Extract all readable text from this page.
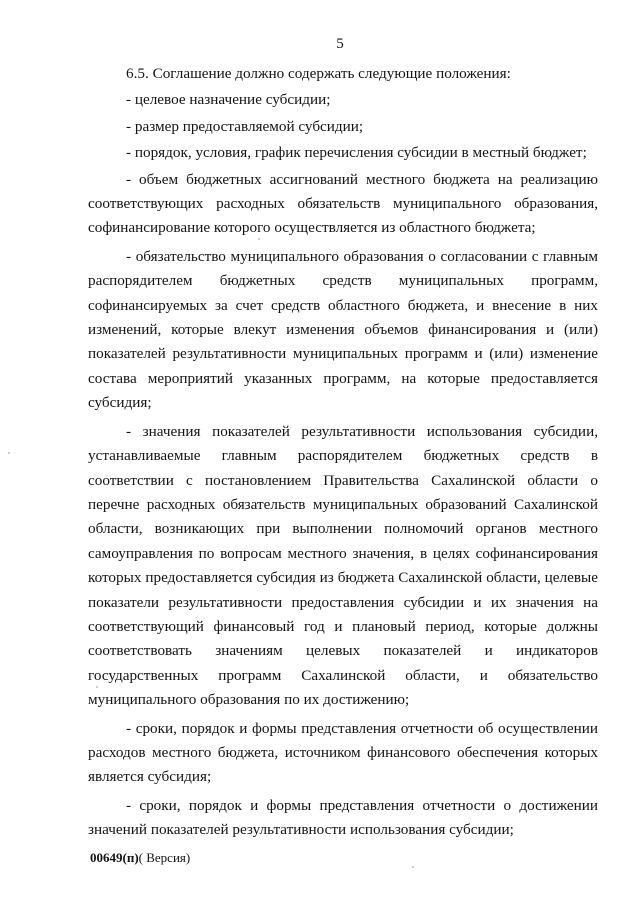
5

6.5. Соглашение должно содержать следующие положения:

- целевое назначение субсидии;

- размер предоставляемой субсидии;

- порядок, условия, график перечисления субсидии в местный бюджет;

- объем бюджетных ассигнований местного бюджета на реализацию соответствующих расходных обязательств муниципального образования, софинансирование которого осуществляется из областного бюджета;

- обязательство муниципального образования о согласовании с главным распорядителем бюджетных средств муниципальных программ, софинансируемых за счет средств областного бюджета, и внесение в них изменений, которые влекут изменения объемов финансирования и (или) показателей результативности муниципальных программ и (или) изменение состава мероприятий указанных программ, на которые предоставляется субсидия;

- значения показателей результативности использования субсидии, устанавливаемые главным распорядителем бюджетных средств в соответствии с постановлением Правительства Сахалинской области о перечне расходных обязательств муниципальных образований Сахалинской области, возникающих при выполнении полномочий органов местного самоуправления по вопросам местного значения, в целях софинансирования которых предоставляется субсидия из бюджета Сахалинской области, целевые показатели результативности предоставления субсидии и их значения на соответствующий финансовый год и плановый период, которые должны соответствовать значениям целевых показателей и индикаторов государственных программ Сахалинской области, и обязательство муниципального образования по их достижению;

- сроки, порядок и формы представления отчетности об осуществлении расходов местного бюджета, источником финансового обеспечения которых является субсидия;

- сроки, порядок и формы представления отчетности о достижении значений показателей результативности использования субсидии;

00649(п)( Версия)
